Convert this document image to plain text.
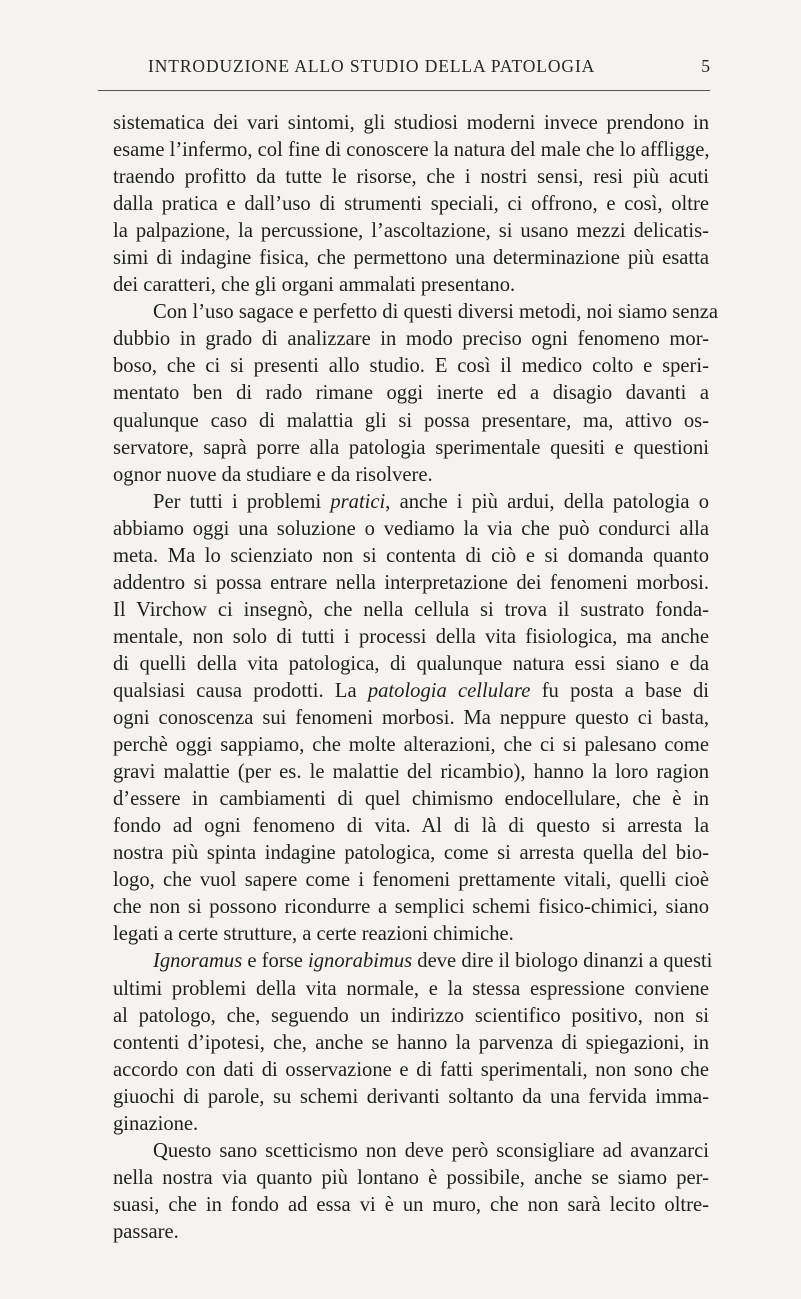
INTRODUZIONE ALLO STUDIO DELLA PATOLOGIA	5
sistematica dei vari sintomi, gli studiosi moderni invece prendono in
esame l’infermo, col fine di conoscere la natura del male che lo affligge,
traendo profitto da tutte le risorse, che i nostri sensi, resi più acuti
dalla pratica e dall’uso di strumenti speciali, ci offrono, e così, oltre
la palpazione, la percussione, l’ascoltazione, si usano mezzi delicatis-
simi di indagine fisica, che permettono una determinazione più esatta
dei caratteri, che gli organi ammalati presentano.
Con l’uso sagace e perfetto di questi diversi metodi, noi siamo senza
dubbio in grado di analizzare in modo preciso ogni fenomeno mor-
boso, che ci si presenti allo studio. E così il medico colto e speri-
mentato ben di rado rimane oggi inerte ed a disagio davanti a
qualunque caso di malattia gli si possa presentare, ma, attivo os-
servatore, saprà porre alla patologia sperimentale quesiti e questioni
ognor nuove da studiare e da risolvere.
Per tutti i problemi pratici, anche i più ardui, della patologia o
abbiamo oggi una soluzione o vediamo la via che può condurci alla
meta. Ma lo scienziato non si contenta di ciò e si domanda quanto
addentro si possa entrare nella interpretazione dei fenomeni morbosi.
Il Virchow ci insegnò, che nella cellula si trova il sustrato fonda-
mentale, non solo di tutti i processi della vita fisiologica, ma anche
di quelli della vita patologica, di qualunque natura essi siano e da
qualsiasi causa prodotti. La patologia cellulare fu posta a base di
ogni conoscenza sui fenomeni morbosi. Ma neppure questo ci basta,
perchè oggi sappiamo, che molte alterazioni, che ci si palesano come
gravi malattie (per es. le malattie del ricambio), hanno la loro ragion
d’essere in cambiamenti di quel chimismo endocellulare, che è in
fondo ad ogni fenomeno di vita. Al di là di questo si arresta la
nostra più spinta indagine patologica, come si arresta quella del bio-
logo, che vuol sapere come i fenomeni prettamente vitali, quelli cioè
che non si possono ricondurre a semplici schemi fisico-chimici, siano
legati a certe strutture, a certe reazioni chimiche.
Ignoramus e forse ignorabimus deve dire il biologo dinanzi a questi
ultimi problemi della vita normale, e la stessa espressione conviene
al patologo, che, seguendo un indirizzo scientifico positivo, non si
contenti d’ipotesi, che, anche se hanno la parvenza di spiegazioni, in
accordo con dati di osservazione e di fatti sperimentali, non sono che
giuochi di parole, su schemi derivanti soltanto da una fervida imma-
ginazione.
Questo sano scetticismo non deve però sconsigliare ad avanzarci
nella nostra via quanto più lontano è possibile, anche se siamo per-
suasi, che in fondo ad essa vi è un muro, che non sarà lecito oltre-
passare.
